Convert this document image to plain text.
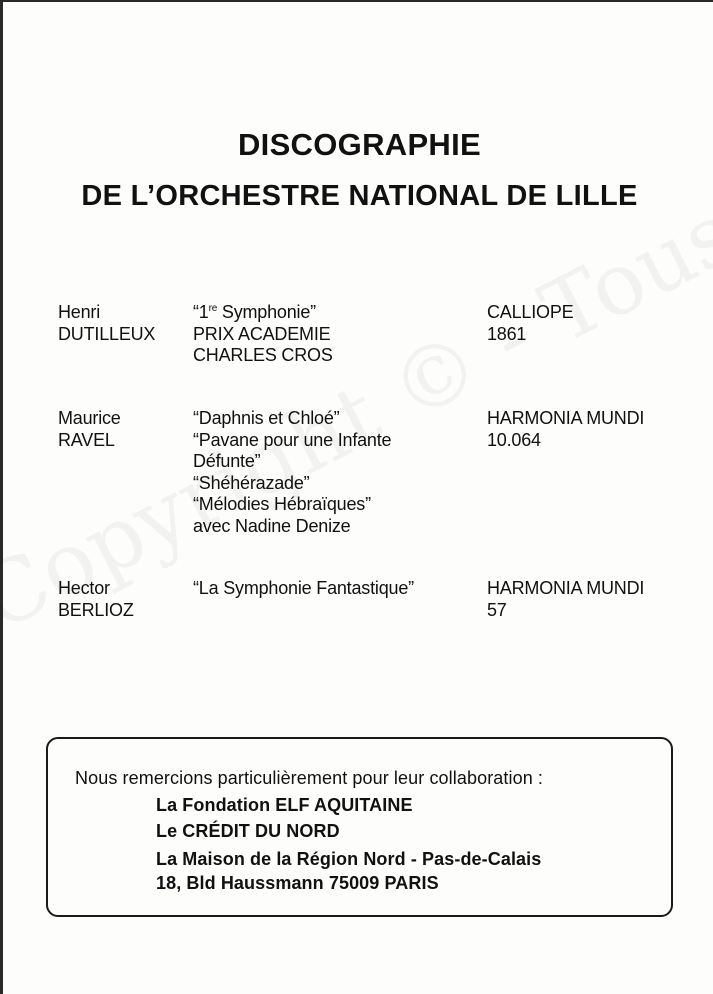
DISCOGRAPHIE
DE L’ORCHESTRE NATIONAL DE LILLE
Henri
DUTILLEUX
“1re Symphonie”
PRIX ACADEMIE
CHARLES CROS
CALLIOPE
1861
Maurice
RAVEL
“Daphnis et Chloé”
“Pavane pour une Infante
Défunte”
“Shéhérazade”
“Mélodies Hébraïques”
avec Nadine Denize
HARMONIA MUNDI
10.064
Hector
BERLIOZ
“La Symphonie Fantastique”	HARMONIA MUNDI
57
Nous remercions particulièrement pour leur collaboration :
La Fondation ELF AQUITAINE
Le CRÉDIT DU NORD
La Maison de la Région Nord - Pas-de-Calais
18, Bld Haussmann 75009 PARIS
